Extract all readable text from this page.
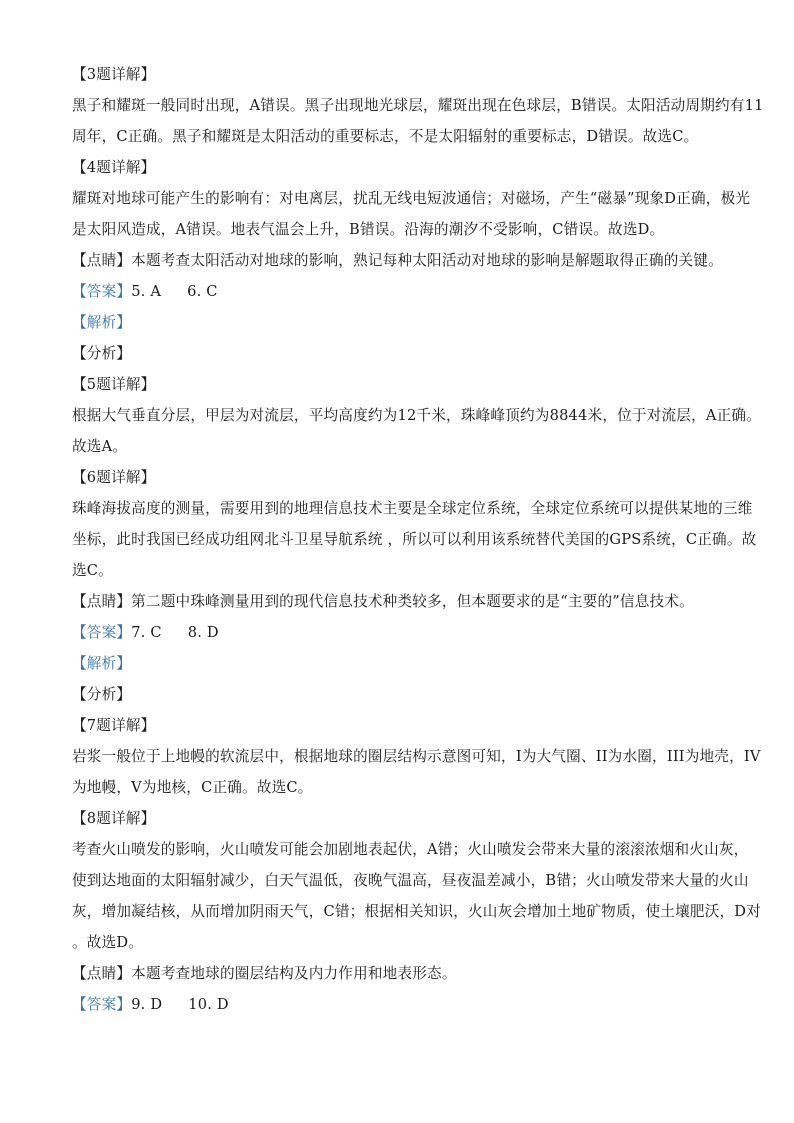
【3题详解】
黑子和耀斑一般同时出现，A错误。黑子出现地光球层，耀斑出现在色球层，B错误。太阳活动周期约有11
周年，C正确。黑子和耀斑是太阳活动的重要标志，不是太阳辐射的重要标志，D错误。故选C。
【4题详解】
耀斑对地球可能产生的影响有：对电离层，扰乱无线电短波通信；对磁场，产生“磁暴”现象D正确，极光
是太阳风造成，A错误。地表气温会上升，B错误。沿海的潮汐不受影响，C错误。故选D。
【点睛】本题考查太阳活动对地球的影响，熟记每种太阳活动对地球的影响是解题取得正确的关键。
【答案】5. A 6. C
【解析】
【分析】
【5题详解】
根据大气垂直分层，甲层为对流层，平均高度约为12千米，珠峰峰顶约为8844米，位于对流层，A正确。
故选A。
【6题详解】
珠峰海拔高度的测量，需要用到的地理信息技术主要是全球定位系统，全球定位系统可以提供某地的三维
坐标，此时我国已经成功组网北斗卫星导航系统 ，所以可以利用该系统替代美国的GPS系统，C正确。故
选C。
【点睛】第二题中珠峰测量用到的现代信息技术种类较多，但本题要求的是“主要的”信息技术。
【答案】7. C 8. D
【解析】
【分析】
【7题详解】
岩浆一般位于上地幔的软流层中，根据地球的圈层结构示意图可知，I为大气圈、II为水圈，III为地壳，IV
为地幔，V为地核，C正确。故选C。
【8题详解】
考查火山喷发的影响，火山喷发可能会加剧地表起伏，A错；火山喷发会带来大量的滚滚浓烟和火山灰，
使到达地面的太阳辐射减少，白天气温低，夜晚气温高，昼夜温差减小，B错；火山喷发带来大量的火山
灰，增加凝结核，从而增加阴雨天气，C错；根据相关知识，火山灰会增加土地矿物质，使土壤肥沃，D对
。故选D。
【点睛】本题考查地球的圈层结构及内力作用和地表形态。
【答案】9. D 10. D
